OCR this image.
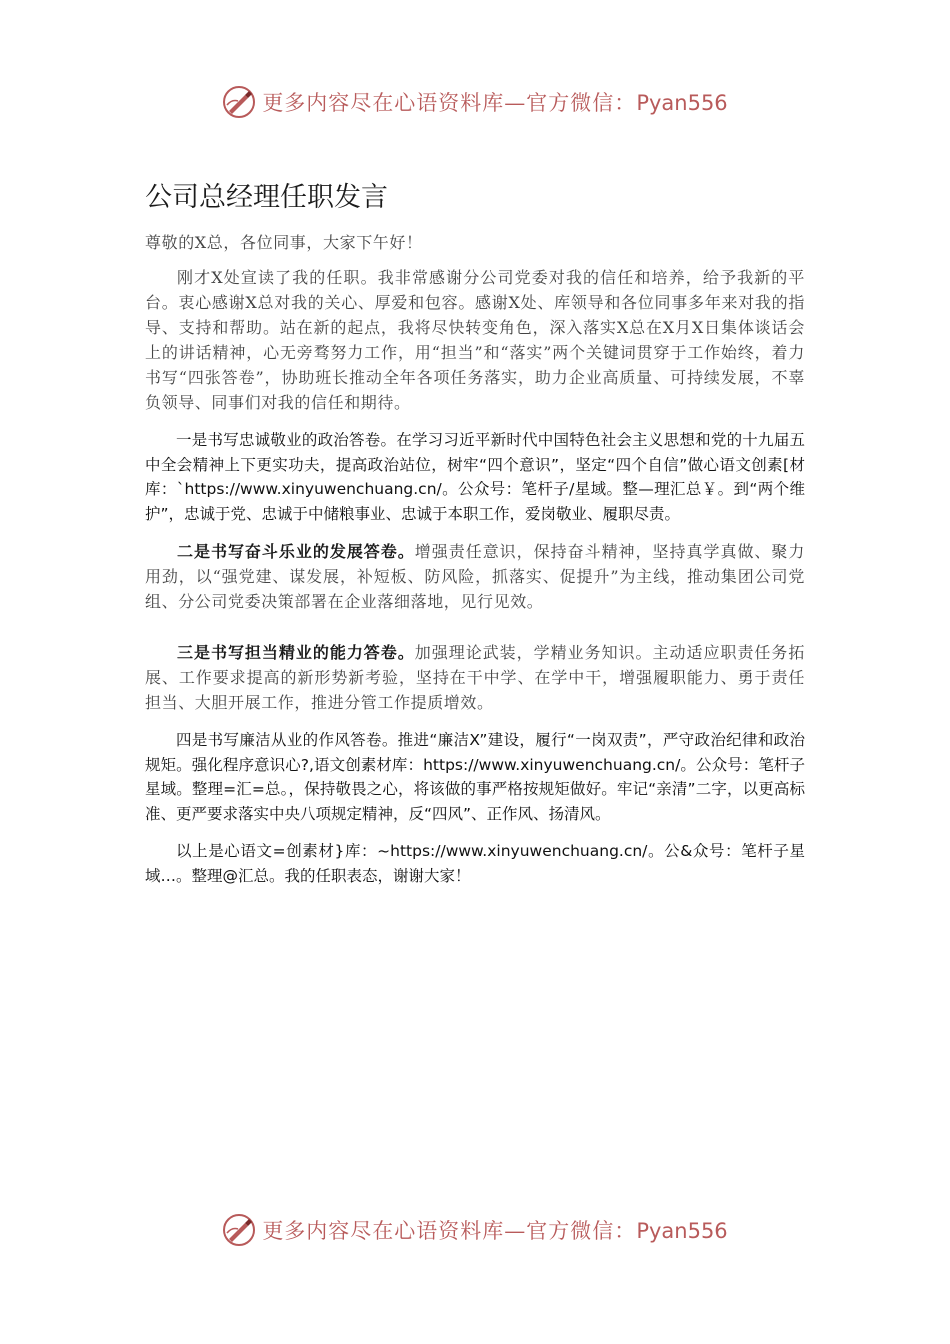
更多内容尽在心语资料库—官方微信：Pyan556
公司总经理任职发言

尊敬的X总，各位同事，大家下午好！

刚才X处宣读了我的任职。我非常感谢分公司党委对我的信任和培养，给予我新的平台。衷心感谢X总对我的关心、厚爱和包容。感谢X处、库领导和各位同事多年来对我的指导、支持和帮助。站在新的起点，我将尽快转变角色，深入落实X总在X月X日集体谈话会上的讲话精神，心无旁骛努力工作，用“担当”和“落实”两个关键词贯穿于工作始终，着力书写“四张答卷”，协助班长推动全年各项任务落实，助力企业高质量、可持续发展，不辜负领导、同事们对我的信任和期待。

一是书写忠诚敬业的政治答卷。在学习习近平新时代中国特色社会主义思想和党的十九届五中全会精神上下更实功夫，提高政治站位，树牢“四个意识”，坚定“四个自信”做心语文创素[材库：`https://www.xinyuwenchuang.cn/。公众号：笔杆子/星域。整—理汇总￥。到“两个维护”，忠诚于党、忠诚于中储粮事业、忠诚于本职工作，爱岗敬业、履职尽责。

二是书写奋斗乐业的发展答卷。增强责任意识，保持奋斗精神，坚持真学真做、聚力用劲，以“强党建、谋发展，补短板、防风险，抓落实、促提升”为主线，推动集团公司党组、分公司党委决策部署在企业落细落地，见行见效。

三是书写担当精业的能力答卷。加强理论武装，学精业务知识。主动适应职责任务拓展、工作要求提高的新形势新考验，坚持在干中学、在学中干，增强履职能力、勇于责任担当、大胆开展工作，推进分管工作提质增效。

四是书写廉洁从业的作风答卷。推进“廉洁X”建设，履行“一岗双责”，严守政治纪律和政治规矩。强化程序意识心?,语文创素材库：https://www.xinyuwenchuang.cn/。公众号：笔杆子星域。整理=汇=总。，保持敬畏之心，将该做的事严格按规矩做好。牢记“亲清”二字，以更高标准、更严要求落实中央八项规定精神，反“四风”、正作风、扬清风。

以上是心语文=创素材}库：~https://www.xinyuwenchuang.cn/。公&众号：笔杆子星域…。整理@汇总。我的任职表态，谢谢大家！

更多内容尽在心语资料库—官方微信：Pyan556
